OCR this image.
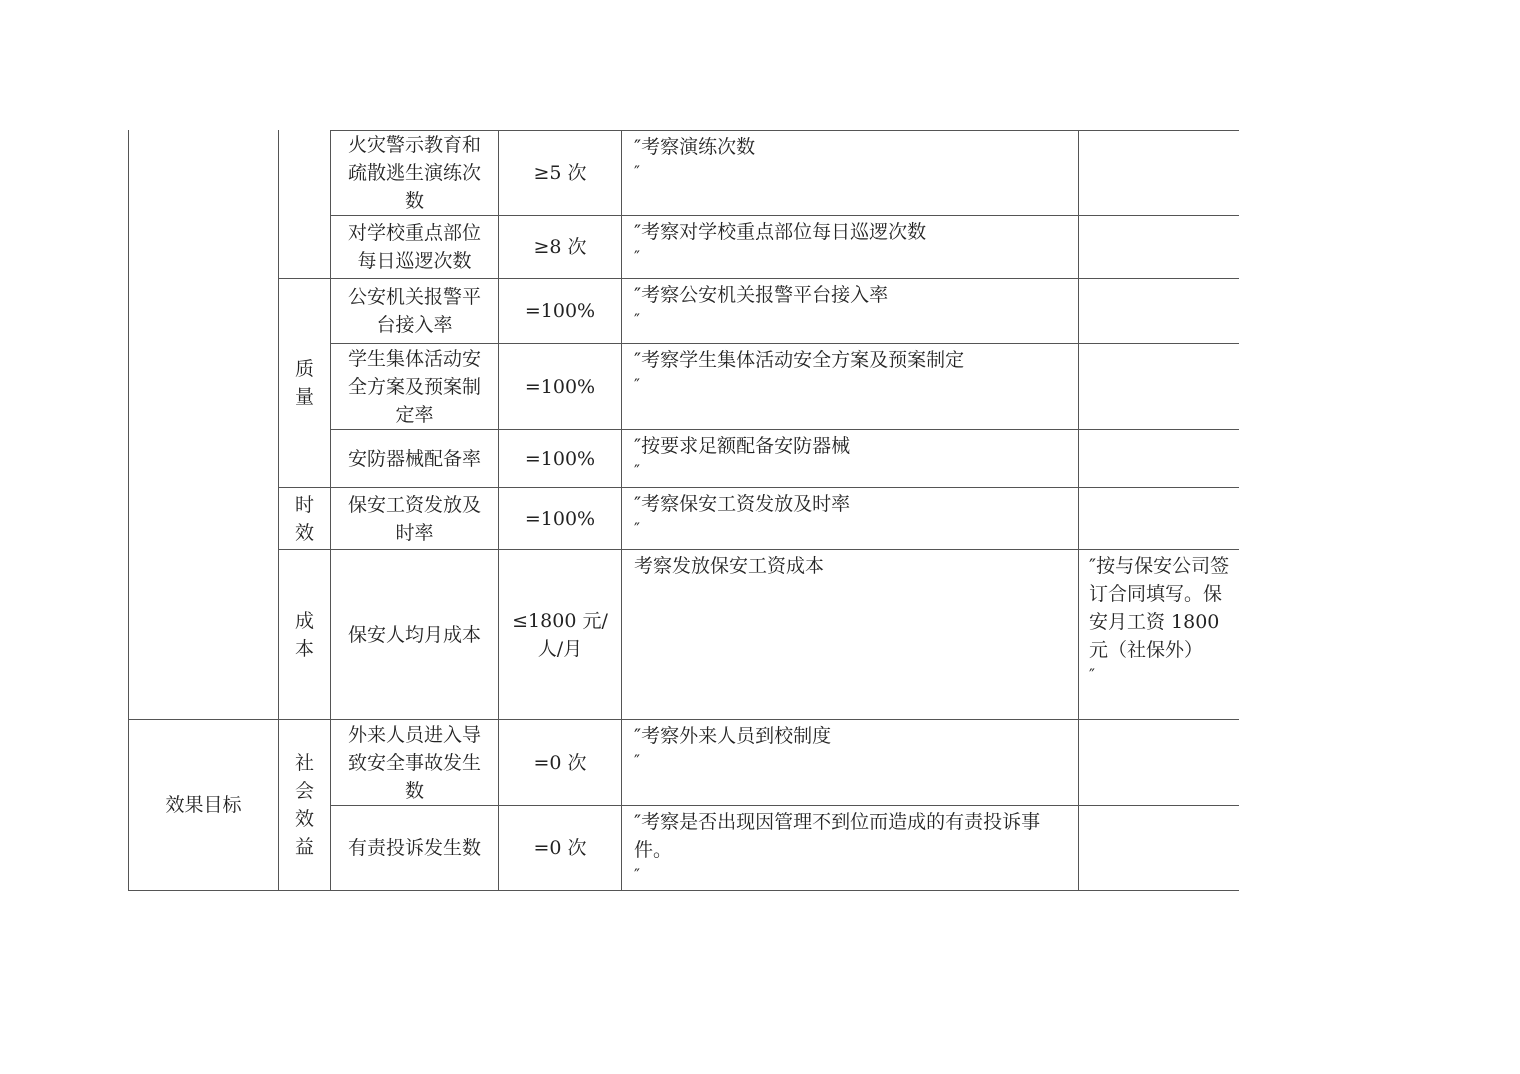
效果目标
质量
时效
成本
社会效益
火灾警示教育和疏散逃生演练次数
≥5 次
″考察演练次数
″
对学校重点部位每日巡逻次数
≥8 次
″考察对学校重点部位每日巡逻次数
″
公安机关报警平台接入率
=100%
″考察公安机关报警平台接入率
″
学生集体活动安全方案及预案制定率
=100%
″考察学生集体活动安全方案及预案制定
″
安防器械配备率 =100%
″按要求足额配备安防器械
″
保安工资发放及时率
=100%
″考察保安工资发放及时率
″
保安人均月成本
≤1800 元/人/月
考察发放保安工资成本	″按与保安公司签订合同填写。保安月工资 1800 元（社保外）
″
外来人员进入导致安全事故发生数
=0 次
″考察外来人员到校制度
″
有责投诉发生数	=0 次
″考察是否出现因管理不到位而造成的有责投诉事件。
″
